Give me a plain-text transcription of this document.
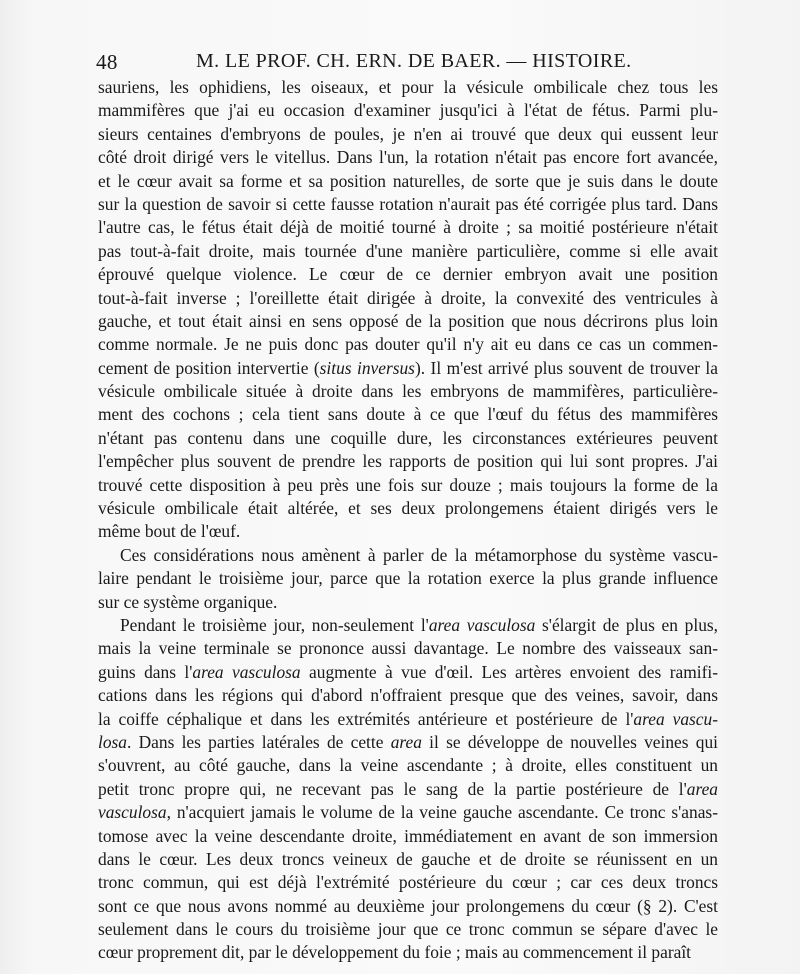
48	M. LE PROF. CH. ERN. DE BAER. — HISTOIRE.
sauriens, les ophidiens, les oiseaux, et pour la vésicule ombilicale chez tous les
mammifères que j'ai eu occasion d'examiner jusqu'ici à l'état de fétus. Parmi plu-
sieurs centaines d'embryons de poules, je n'en ai trouvé que deux qui eussent leur
côté droit dirigé vers le vitellus. Dans l'un, la rotation n'était pas encore fort avancée,
et le cœur avait sa forme et sa position naturelles, de sorte que je suis dans le doute
sur la question de savoir si cette fausse rotation n'aurait pas été corrigée plus tard. Dans
l'autre cas, le fétus était déjà de moitié tourné à droite ; sa moitié postérieure n'était
pas tout-à-fait droite, mais tournée d'une manière particulière, comme si elle avait
éprouvé quelque violence. Le cœur de ce dernier embryon avait une position
tout-à-fait inverse ; l'oreillette était dirigée à droite, la convexité des ventricules à
gauche, et tout était ainsi en sens opposé de la position que nous décrirons plus loin
comme normale. Je ne puis donc pas douter qu'il n'y ait eu dans ce cas un commen-
cement de position intervertie (situs inversus). Il m'est arrivé plus souvent de trouver la
vésicule ombilicale située à droite dans les embryons de mammifères, particulière-
ment des cochons ; cela tient sans doute à ce que l'œuf du fétus des mammifères
n'étant pas contenu dans une coquille dure, les circonstances extérieures peuvent
l'empêcher plus souvent de prendre les rapports de position qui lui sont propres. J'ai
trouvé cette disposition à peu près une fois sur douze ; mais toujours la forme de la
vésicule ombilicale était altérée, et ses deux prolongemens étaient dirigés vers le
même bout de l'œuf.
Ces considérations nous amènent à parler de la métamorphose du système vascu-
laire pendant le troisième jour, parce que la rotation exerce la plus grande influence
sur ce système organique.
Pendant le troisième jour, non-seulement l'area vasculosa s'élargit de plus en plus,
mais la veine terminale se prononce aussi davantage. Le nombre des vaisseaux san-
guins dans l'area vasculosa augmente à vue d'œil. Les artères envoient des ramifi-
cations dans les régions qui d'abord n'offraient presque que des veines, savoir, dans
la coiffe céphalique et dans les extrémités antérieure et postérieure de l'area vascu-
losa. Dans les parties latérales de cette area il se développe de nouvelles veines qui
s'ouvrent, au côté gauche, dans la veine ascendante ; à droite, elles constituent un
petit tronc propre qui, ne recevant pas le sang de la partie postérieure de l'area
vasculosa, n'acquiert jamais le volume de la veine gauche ascendante. Ce tronc s'anas-
tomose avec la veine descendante droite, immédiatement en avant de son immersion
dans le cœur. Les deux troncs veineux de gauche et de droite se réunissent en un
tronc commun, qui est déjà l'extrémité postérieure du cœur ; car ces deux troncs
sont ce que nous avons nommé au deuxième jour prolongemens du cœur (§ 2). C'est
seulement dans le cours du troisième jour que ce tronc commun se sépare d'avec le
cœur proprement dit, par le développement du foie ; mais au commencement il paraît
